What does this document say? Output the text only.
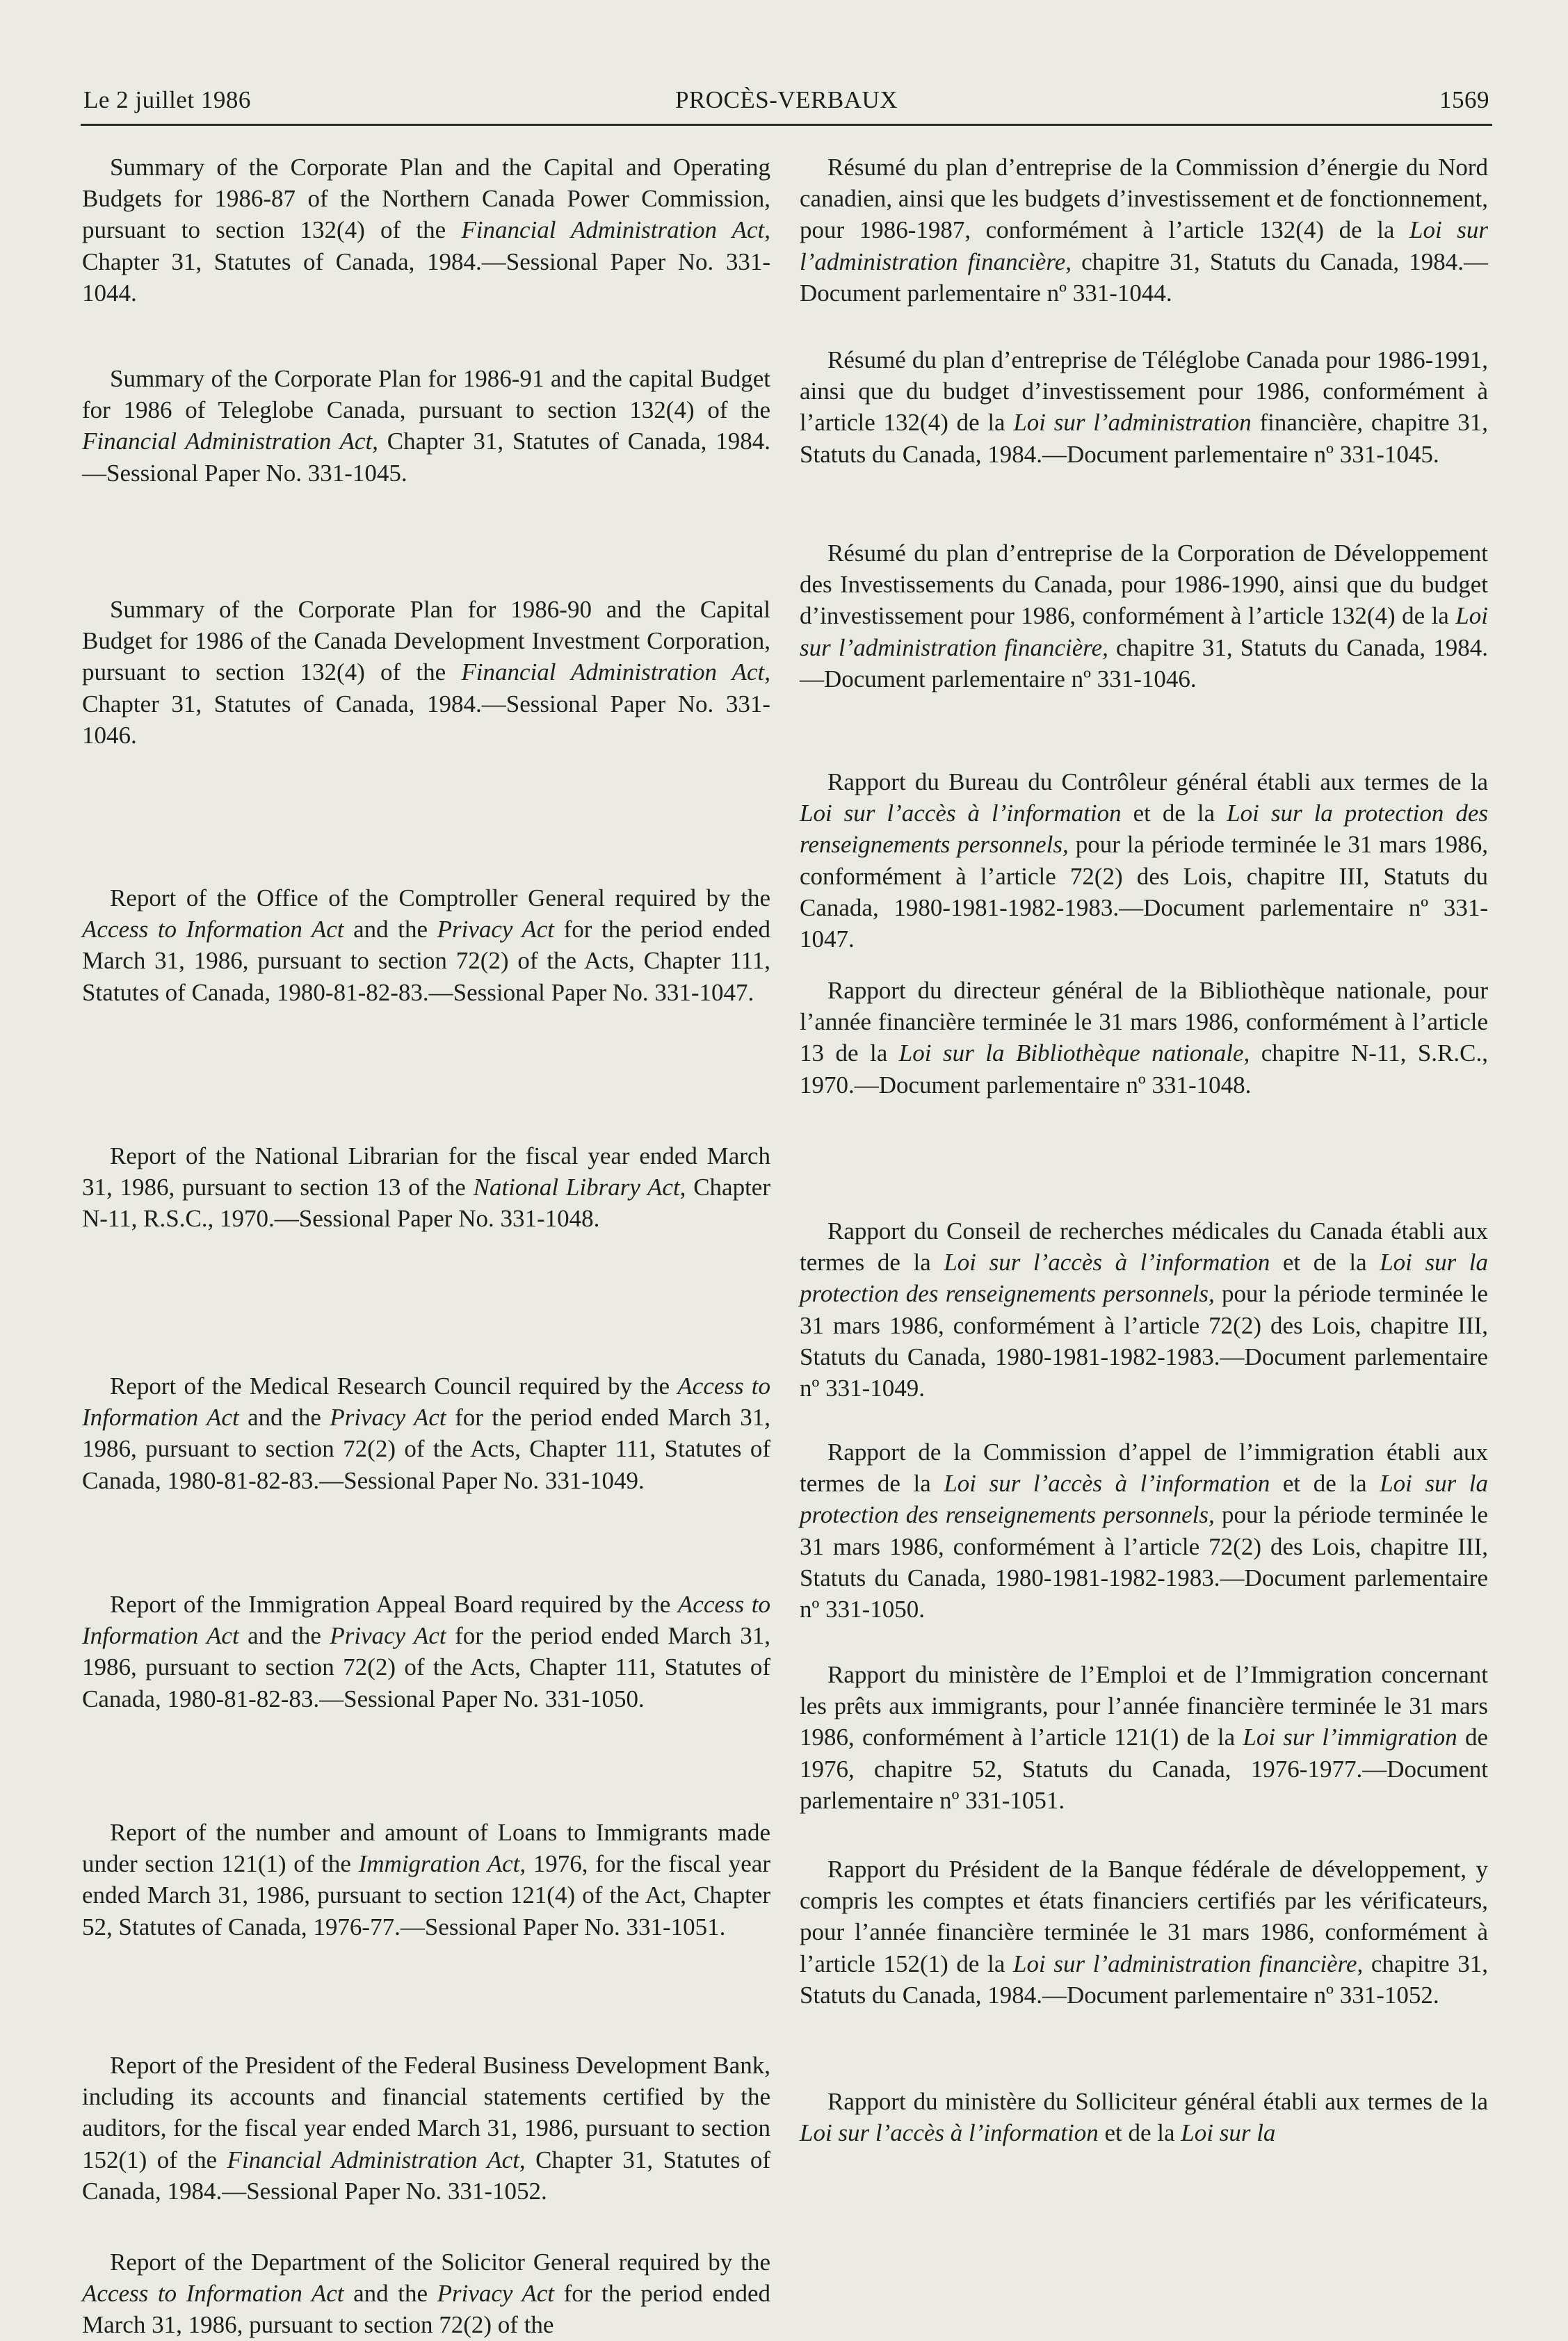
Le 2 juillet 1986	PROCÈS-VERBAUX	1569

Summary of the Corporate Plan and the Capital and Operating Budgets for 1986-87 of the Northern Canada Power Commission, pursuant to section 132(4) of the Financial Administration Act, Chapter 31, Statutes of Canada, 1984.—Sessional Paper No. 331-1044.

Summary of the Corporate Plan for 1986-91 and the capital Budget for 1986 of Teleglobe Canada, pursuant to section 132(4) of the Financial Administration Act, Chapter 31, Statutes of Canada, 1984.—Sessional Paper No. 331-1045.

Summary of the Corporate Plan for 1986-90 and the Capital Budget for 1986 of the Canada Development Investment Corporation, pursuant to section 132(4) of the Financial Administration Act, Chapter 31, Statutes of Canada, 1984.—Sessional Paper No. 331-1046.

Report of the Office of the Comptroller General required by the Access to Information Act and the Privacy Act for the period ended March 31, 1986, pursuant to section 72(2) of the Acts, Chapter 111, Statutes of Canada, 1980-81-82-83.—Sessional Paper No. 331-1047.

Report of the National Librarian for the fiscal year ended March 31, 1986, pursuant to section 13 of the National Library Act, Chapter N-11, R.S.C., 1970.—Sessional Paper No. 331-1048.

Report of the Medical Research Council required by the Access to Information Act and the Privacy Act for the period ended March 31, 1986, pursuant to section 72(2) of the Acts, Chapter 111, Statutes of Canada, 1980-81-82-83.—Sessional Paper No. 331-1049.

Report of the Immigration Appeal Board required by the Access to Information Act and the Privacy Act for the period ended March 31, 1986, pursuant to section 72(2) of the Acts, Chapter 111, Statutes of Canada, 1980-81-82-83.—Sessional Paper No. 331-1050.

Report of the number and amount of Loans to Immigrants made under section 121(1) of the Immigration Act, 1976, for the fiscal year ended March 31, 1986, pursuant to section 121(4) of the Act, Chapter 52, Statutes of Canada, 1976-77.—Sessional Paper No. 331-1051.

Report of the President of the Federal Business Development Bank, including its accounts and financial statements certified by the auditors, for the fiscal year ended March 31, 1986, pursuant to section 152(1) of the Financial Administration Act, Chapter 31, Statutes of Canada, 1984.—Sessional Paper No. 331-1052.

Report of the Department of the Solicitor General required by the Access to Information Act and the Privacy Act for the period ended March 31, 1986, pursuant to section 72(2) of the

Résumé du plan d’entreprise de la Commission d’énergie du Nord canadien, ainsi que les budgets d’investissement et de fonctionnement, pour 1986-1987, conformément à l’article 132(4) de la Loi sur l’administration financière, chapitre 31, Statuts du Canada, 1984.—Document parlementaire nº 331-1044.

Résumé du plan d’entreprise de Téléglobe Canada pour 1986-1991, ainsi que du budget d’investissement pour 1986, conformément à l’article 132(4) de la Loi sur l’administration financière, chapitre 31, Statuts du Canada, 1984.—Document parlementaire nº 331-1045.

Résumé du plan d’entreprise de la Corporation de Développement des Investissements du Canada, pour 1986-1990, ainsi que du budget d’investissement pour 1986, conformément à l’article 132(4) de la Loi sur l’administration financière, chapitre 31, Statuts du Canada, 1984.—Document parlementaire nº 331-1046.

Rapport du Bureau du Contrôleur général établi aux termes de la Loi sur l’accès à l’information et de la Loi sur la protection des renseignements personnels, pour la période terminée le 31 mars 1986, conformément à l’article 72(2) des Lois, chapitre III, Statuts du Canada, 1980-1981-1982-1983.—Document parlementaire nº 331-1047.

Rapport du directeur général de la Bibliothèque nationale, pour l’année financière terminée le 31 mars 1986, conformément à l’article 13 de la Loi sur la Bibliothèque nationale, chapitre N-11, S.R.C., 1970.—Document parlementaire nº 331-1048.

Rapport du Conseil de recherches médicales du Canada établi aux termes de la Loi sur l’accès à l’information et de la Loi sur la protection des renseignements personnels, pour la période terminée le 31 mars 1986, conformément à l’article 72(2) des Lois, chapitre III, Statuts du Canada, 1980-1981-1982-1983.—Document parlementaire nº 331-1049.

Rapport de la Commission d’appel de l’immigration établi aux termes de la Loi sur l’accès à l’information et de la Loi sur la protection des renseignements personnels, pour la période terminée le 31 mars 1986, conformément à l’article 72(2) des Lois, chapitre III, Statuts du Canada, 1980-1981-1982-1983.—Document parlementaire nº 331-1050.

Rapport du ministère de l’Emploi et de l’Immigration concernant les prêts aux immigrants, pour l’année financière terminée le 31 mars 1986, conformément à l’article 121(1) de la Loi sur l’immigration de 1976, chapitre 52, Statuts du Canada, 1976-1977.—Document parlementaire nº 331-1051.

Rapport du Président de la Banque fédérale de développement, y compris les comptes et états financiers certifiés par les vérificateurs, pour l’année financière terminée le 31 mars 1986, conformément à l’article 152(1) de la Loi sur l’administration financière, chapitre 31, Statuts du Canada, 1984.—Document parlementaire nº 331-1052.

Rapport du ministère du Solliciteur général établi aux termes de la Loi sur l’accès à l’information et de la Loi sur la
